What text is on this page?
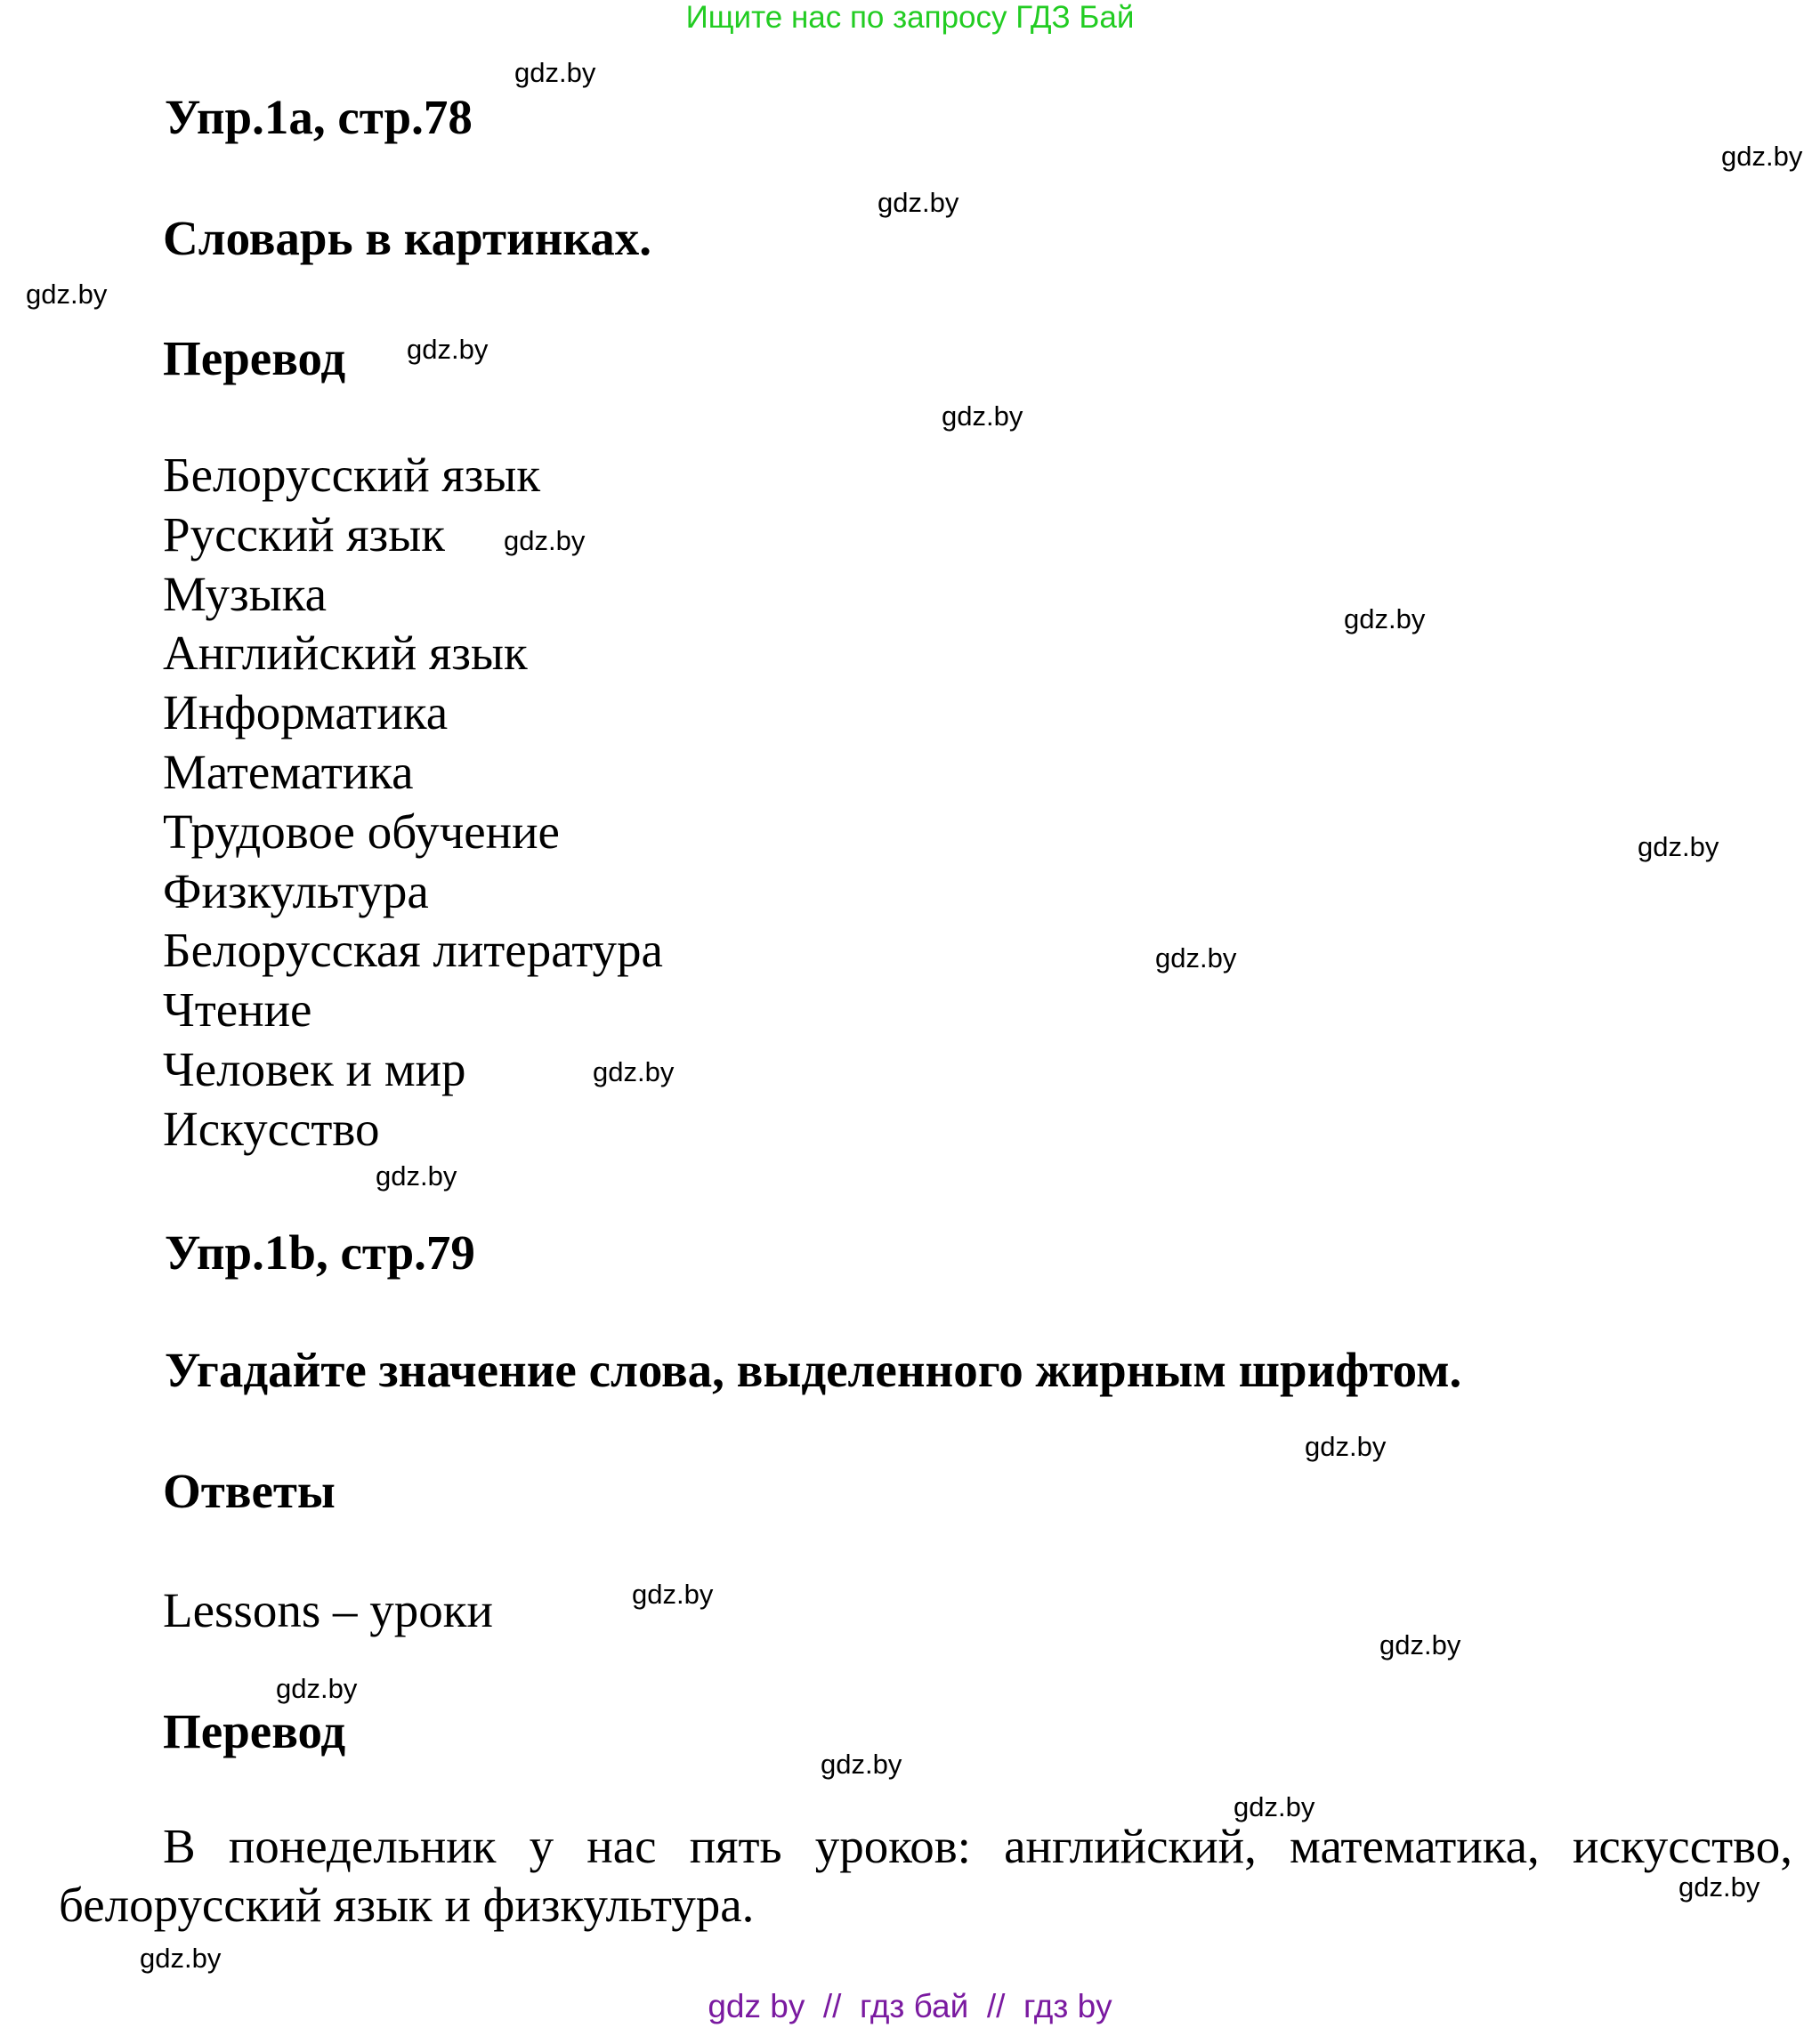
Ищите нас по запросу ГДЗ Бай
Упр.1a, стр.78
Словарь в картинках.
Перевод
Белорусский язык
Русский язык
Музыка
Английский язык
Информатика
Математика
Трудовое обучение
Физкультура
Белорусская литература
Чтение
Человек и мир
Искусство
Упр.1b, стр.79
Угадайте значение слова, выделенного жирным шрифтом.
Ответы
Lessons – уроки
Перевод
В понедельник у нас пять уроков: английский, математика, искусство,
белорусский язык и физкультура.
gdz.by
gdz.by
gdz.by
gdz.by
gdz.by
gdz.by
gdz.by
gdz.by
gdz.by
gdz.by
gdz.by
gdz.by
gdz.by
gdz.by
gdz.by
gdz.by
gdz.by
gdz.by
gdz.by
gdz.by
gdz by  //  гдз бай  //  гдз by
